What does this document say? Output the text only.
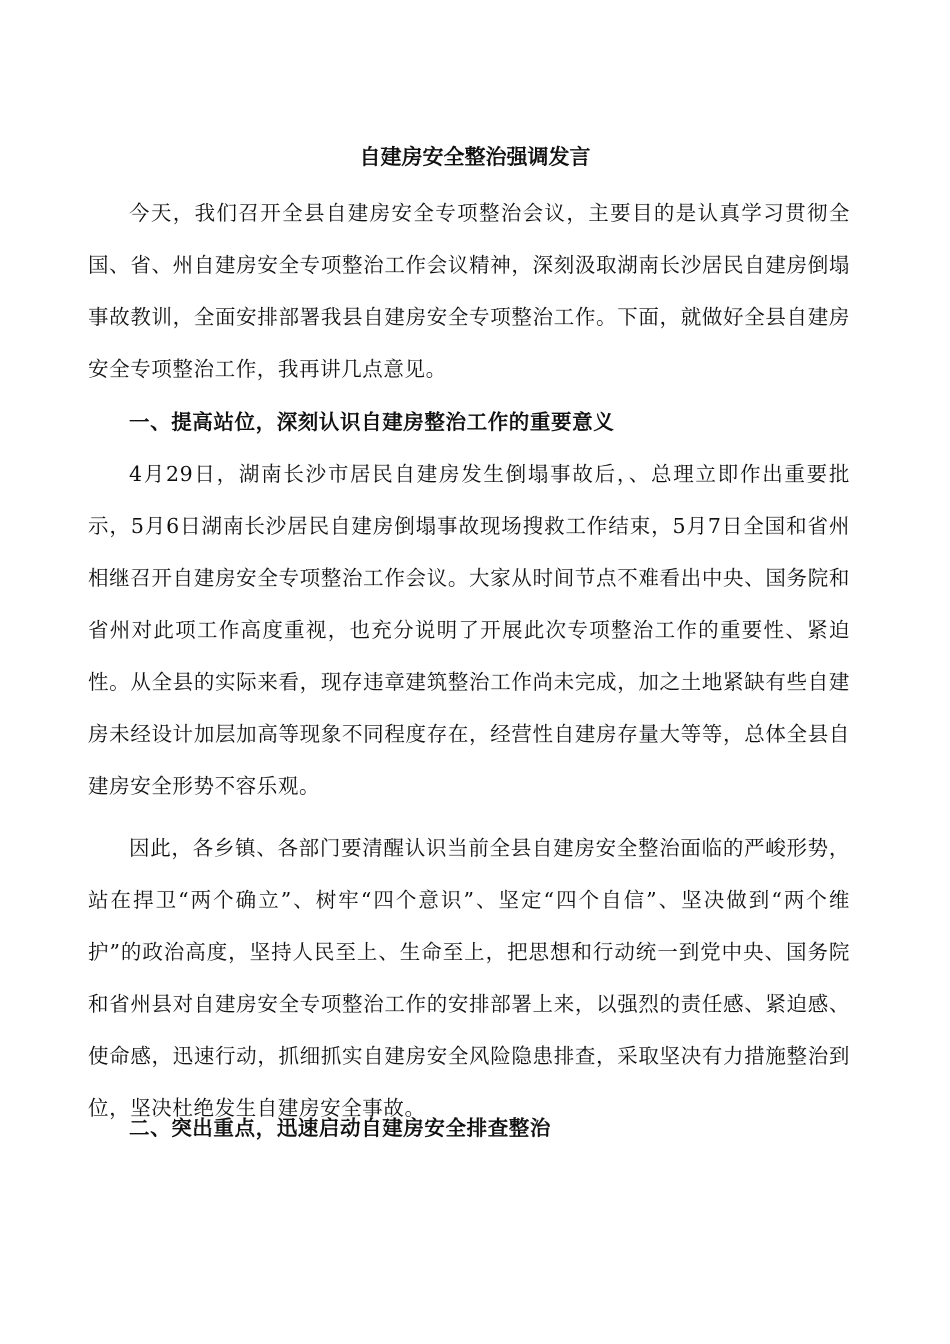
自建房安全整治强调发言

今天，我们召开全县自建房安全专项整治会议，主要目的是认真学习贯彻全国、省、州自建房安全专项整治工作会议精神，深刻汲取湖南长沙居民自建房倒塌事故教训，全面安排部署我县自建房安全专项整治工作。下面，就做好全县自建房安全专项整治工作，我再讲几点意见。

一、提高站位，深刻认识自建房整治工作的重要意义

4月29日，湖南长沙市居民自建房发生倒塌事故后，、总理立即作出重要批示，5月6日湖南长沙居民自建房倒塌事故现场搜救工作结束，5月7日全国和省州相继召开自建房安全专项整治工作会议。大家从时间节点不难看出中央、国务院和省州对此项工作高度重视，也充分说明了开展此次专项整治工作的重要性、紧迫性。从全县的实际来看，现存违章建筑整治工作尚未完成，加之土地紧缺有些自建房未经设计加层加高等现象不同程度存在，经营性自建房存量大等等，总体全县自建房安全形势不容乐观。

因此，各乡镇、各部门要清醒认识当前全县自建房安全整治面临的严峻形势，站在捍卫“两个确立”、树牢“四个意识”、坚定“四个自信”、坚决做到“两个维护”的政治高度，坚持人民至上、生命至上，把思想和行动统一到党中央、国务院和省州县对自建房安全专项整治工作的安排部署上来，以强烈的责任感、紧迫感、使命感，迅速行动，抓细抓实自建房安全风险隐患排查，采取坚决有力措施整治到位，坚决杜绝发生自建房安全事故。

二、突出重点，迅速启动自建房安全排查整治
